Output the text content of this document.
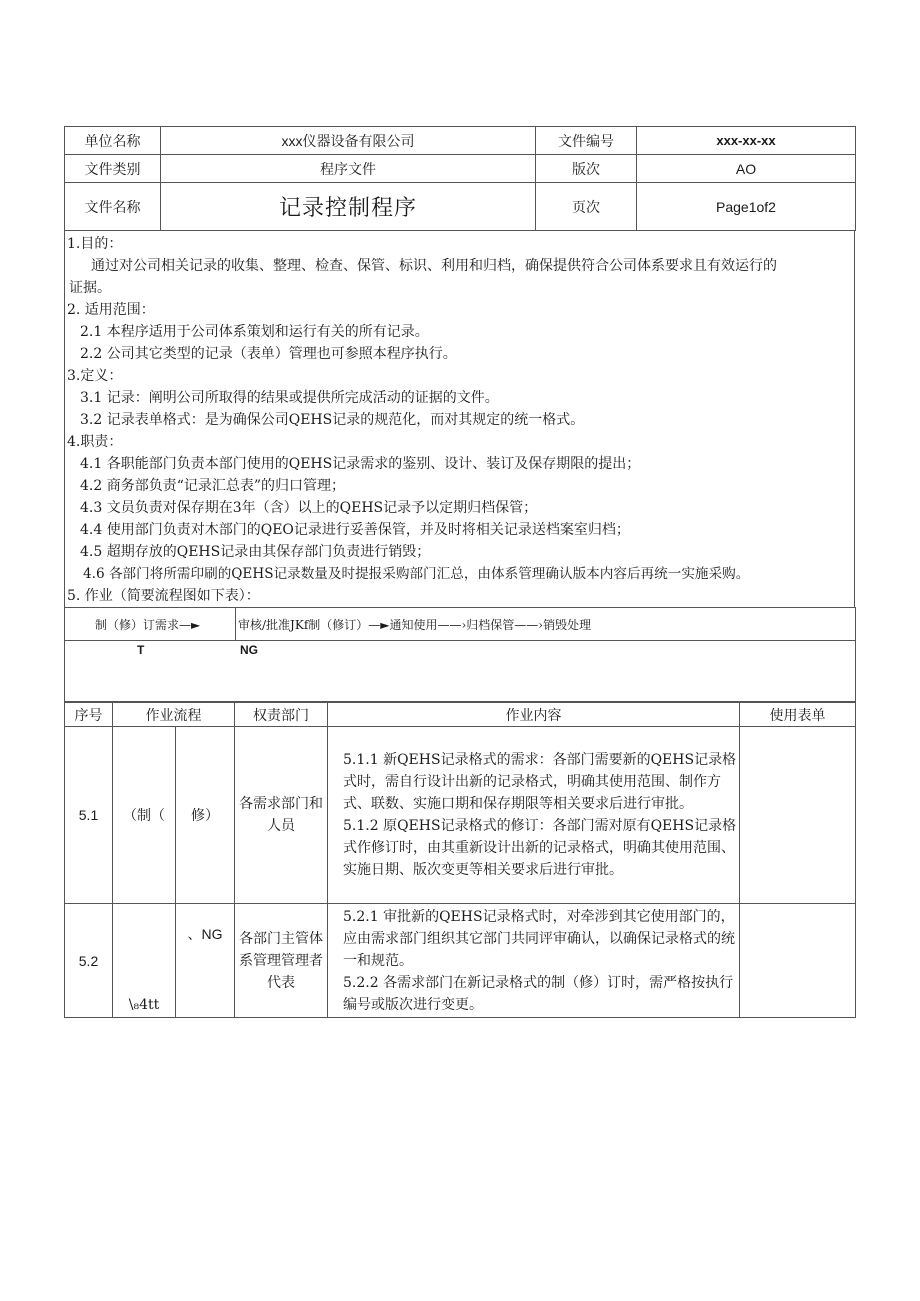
单位名称	xxx仪器设备有限公司	文件编号	xxx-xx-xx
文件类别	程序文件	版次	AO
文件名称	记录控制程序	页次	Page1of2

1.目的：

通过对公司相关记录的收集、整理、检查、保管、标识、利用和归档，确保提供符合公司体系要求且有效运行的

证据。

2. 适用范围：

2.1 本程序适用于公司体系策划和运行有关的所有记录。

2.2 公司其它类型的记录（表单）管理也可参照本程序执行。

3.定义：

3.1 记录：阐明公司所取得的结果或提供所完成活动的证据的文件。

3.2 记录表单格式：是为确保公司QEHS记录的规范化，而对其规定的统一格式。

4.职责：

4.1 各职能部门负责本部门使用的QEHS记录需求的鉴别、设计、装订及保存期限的提出；

4.2 商务部负责“记录汇总表”的归口管理；

4.3 文员负责对保存期在3年（含）以上的QEHS记录予以定期归档保管；

4.4 使用部门负责对木部门的QEO记录进行妥善保管，并及时将相关记录送档案室归档；

4.5 超期存放的QEHS记录由其保存部门负责进行销毁；

4.6 各部门将所需印刷的QEHS记录数量及时提报采购部门汇总，由体系管理确认版本内容后再统一实施采购。

5. 作业（简要流程图如下表）：

制（修）订需求—►	审核/批准JKf制（修订）—►通知使用——›归档保管——›销毁处理

T	NG
序号	作业流程		权责部门	作业内容	使用表单
5.1	（制（	修）	各需求部门和人员	5.1.1 新QEHS记录格式的需求：各部门需要新的QEHS记录格式时，需自行设计出新的记录格式，明确其使用范围、制作方式、联数、实施口期和保存期限等相关要求后进行审批。

5.1.2 原QEHS记录格式的修订：各部门需对原有QEHS记录格式作修订时，由其重新设计出新的记录格式，明确其使用范围、实施日期、版次变更等相关要求后进行审批。	

5.2	\₈4tt	、NG	各部门主管体系管理管理者代表	5.2.1 审批新的QEHS记录格式时，对牵涉到其它使用部门的，应由需求部门组织其它部门共同评审确认，以确保记录格式的统一和规范。

5.2.2 各需求部门在新记录格式的制（修）订时，需严格按执行编号或版次进行变更。	
